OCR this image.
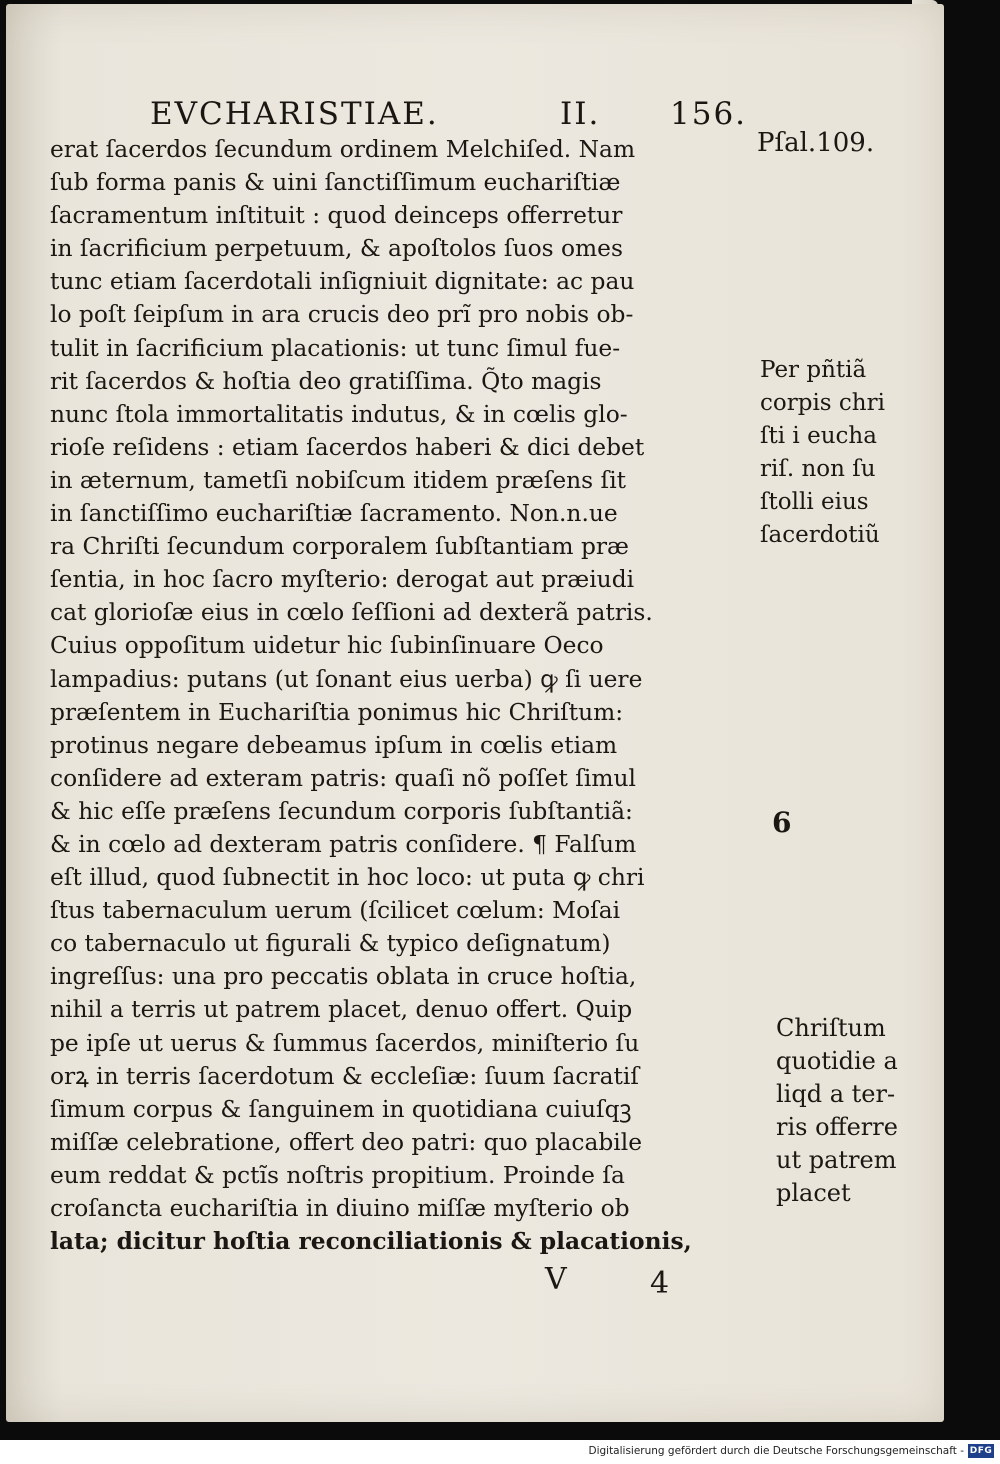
EVCHARISTIAE.	II. 156.
erat ſacerdos ſecundum ordinem Melchiſed. Nam
ſub forma panis & uini ſanctiſſimum euchariſtiæ
ſacramentum inſtituit : quod deinceps offerretur
in ſacrificium perpetuum, & apoſtolos ſuos omes
tunc etiam ſacerdotali inſigniuit dignitate: ac pau
lo poſt ſeipſum in ara crucis deo prĩ pro nobis ob-
tulit in ſacrificium placationis: ut tunc ſimul fue-
rit ſacerdos & hoſtia deo gratiſſima. Q̃to magis
nunc ſtola immortalitatis indutus, & in cœlis glo-
rioſe reſidens : etiam ſacerdos haberi & dici debet
in æternum, tametſi nobiſcum itidem præſens ſit
in ſanctiſſimo euchariſtiæ ſacramento. Non.n.ue
ra Chriſti ſecundum corporalem ſubſtantiam præ
ſentia, in hoc ſacro myſterio: derogat aut præiudi
cat glorioſæ eius in cœlo ſeſſioni ad dexterã patris.
Cuius oppoſitum uidetur hic ſubinſinuare Oeco
lampadius: putans (ut ſonant eius uerba) ꝙ ſi uere
præſentem in Euchariſtia ponimus hic Chriſtum:
protinus negare debeamus ipſum in cœlis etiam
conſidere ad exteram patris: quaſi nõ poſſet ſimul
& hic eſſe præſens ſecundum corporis ſubſtantiã:
& in cœlo ad dexteram patris conſidere. ¶ Falſum
eſt illud, quod ſubnectit in hoc loco: ut puta ꝙ chri
ſtus tabernaculum uerum (ſcilicet cœlum: Moſai
co tabernaculo ut figurali & typico deſignatum)
ingreſſus: una pro peccatis oblata in cruce hoſtia,
nihil a terris ut patrem placet, denuo offert. Quip
pe ipſe ut uerus & ſummus ſacerdos, miniſterio ſu
orꝝ in terris ſacerdotum & eccleſiæ: ſuum ſacratiſ
ſimum corpus & ſanguinem in quotidiana cuiuſqꝫ
miſſæ celebratione, offert deo patri: quo placabile
eum reddat & pctĩs noſtris propitium. Proinde ſa
croſancta euchariſtia in diuino miſſæ myſterio ob
lata; dicitur hoſtia reconciliationis & placationis,
Pſal.109.
Per pñtiã
corpis chri
ſti i eucha
riſ. non ſu
ſtolli eius
ſacerdotiũ
6
Chriſtum
quotidie a
liqd a ter-
ris offerre
ut patrem
placet
V	4
Digitalisierung gefördert durch die Deutsche Forschungsgemeinschaft - DFG
